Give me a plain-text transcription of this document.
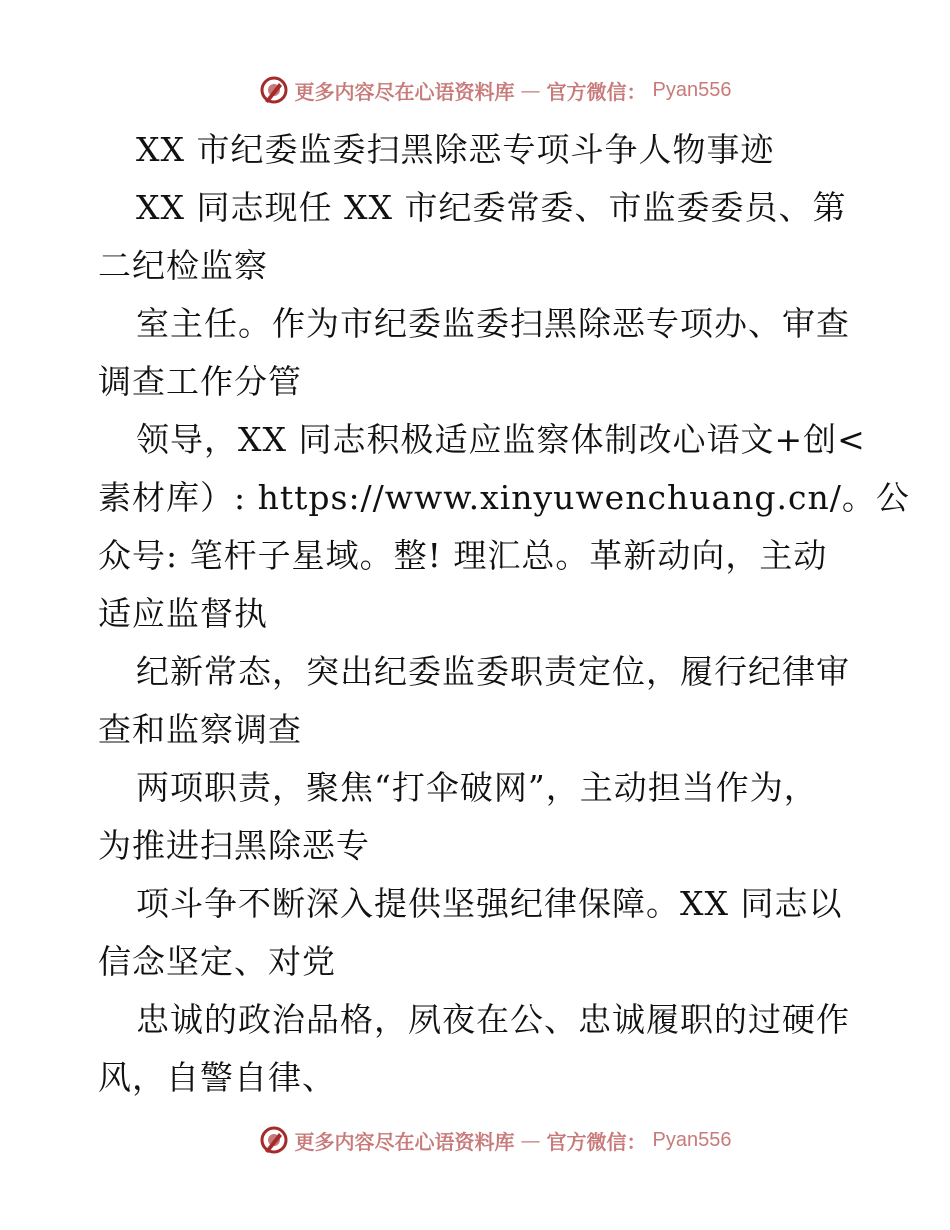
更多内容尽在心语资料库 — 官方微信： Pyan556
XX 市纪委监委扫黑除恶专项斗争人物事迹
XX 同志现任 XX 市纪委常委、市监委委员、第
二纪检监察
室主任。作为市纪委监委扫黑除恶专项办、审查
调查工作分管
领导，XX 同志积极适应监察体制改心语文+创<
素材库）: https://www.xinyuwenchuang.cn/。公
众号: 笔杆子星域。整! 理汇总。革新动向，主动
适应监督执
纪新常态，突出纪委监委职责定位，履行纪律审
查和监察调查
两项职责，聚焦“打伞破网”，主动担当作为，
为推进扫黑除恶专
项斗争不断深入提供坚强纪律保障。XX 同志以
信念坚定、对党
忠诚的政治品格，夙夜在公、忠诚履职的过硬作
风，自警自律、
更多内容尽在心语资料库 — 官方微信： Pyan556
